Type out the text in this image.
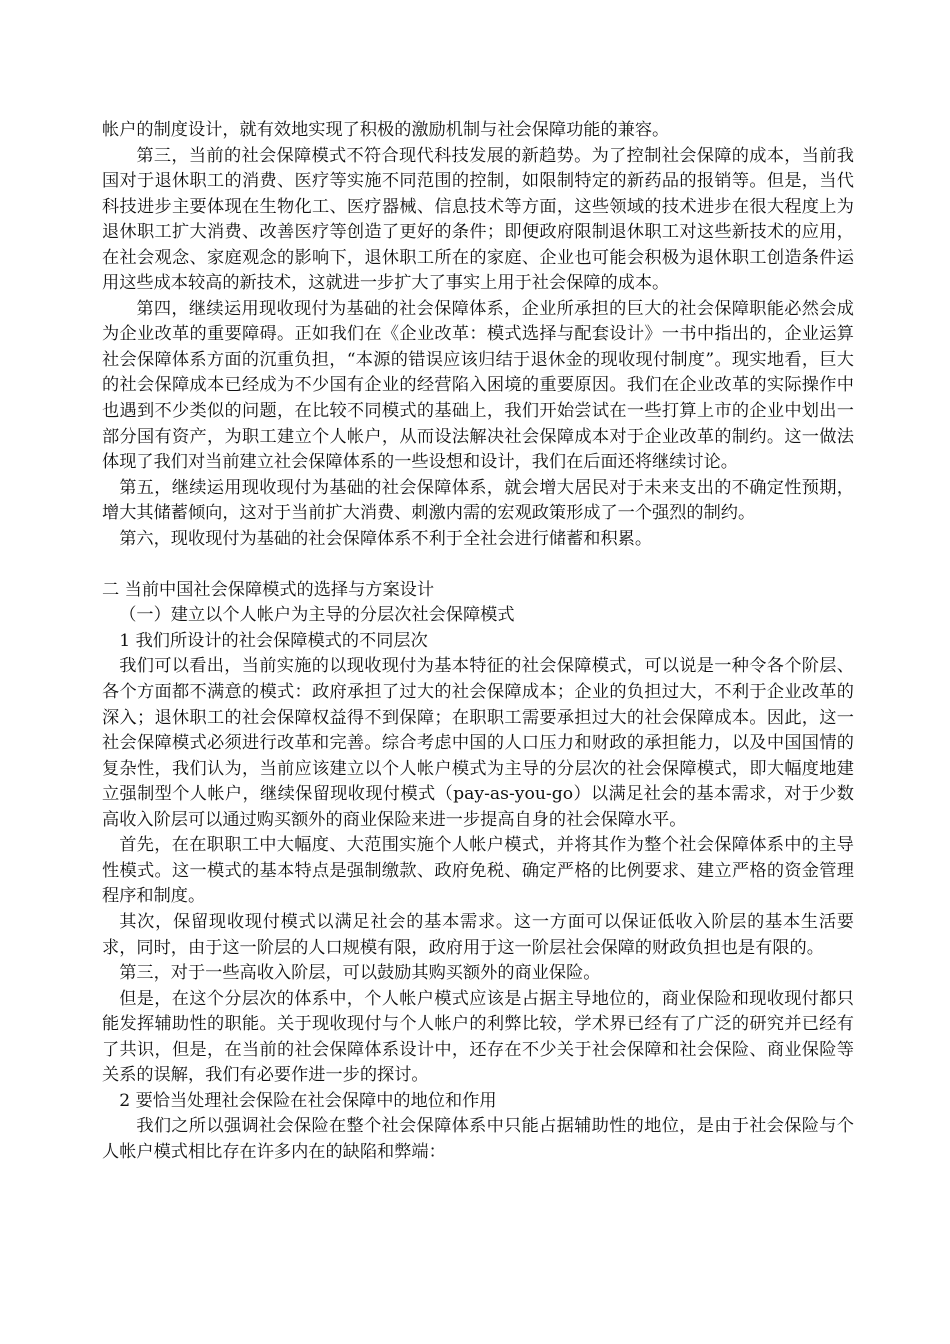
帐户的制度设计，就有效地实现了积极的激励机制与社会保障功能的兼容。

第三，当前的社会保障模式不符合现代科技发展的新趋势。为了控制社会保障的成本，当前我国对于退休职工的消费、医疗等实施不同范围的控制，如限制特定的新药品的报销等。但是，当代科技进步主要体现在生物化工、医疗器械、信息技术等方面，这些领域的技术进步在很大程度上为退休职工扩大消费、改善医疗等创造了更好的条件；即便政府限制退休职工对这些新技术的应用，在社会观念、家庭观念的影响下，退休职工所在的家庭、企业也可能会积极为退休职工创造条件运用这些成本较高的新技术，这就进一步扩大了事实上用于社会保障的成本。

第四，继续运用现收现付为基础的社会保障体系，企业所承担的巨大的社会保障职能必然会成为企业改革的重要障碍。正如我们在《企业改革：模式选择与配套设计》一书中指出的，企业运算社会保障体系方面的沉重负担，“本源的错误应该归结于退休金的现收现付制度”。现实地看，巨大的社会保障成本已经成为不少国有企业的经营陷入困境的重要原因。我们在企业改革的实际操作中也遇到不少类似的问题，在比较不同模式的基础上，我们开始尝试在一些打算上市的企业中划出一部分国有资产，为职工建立个人帐户，从而设法解决社会保障成本对于企业改革的制约。这一做法体现了我们对当前建立社会保障体系的一些设想和设计，我们在后面还将继续讨论。

第五，继续运用现收现付为基础的社会保障体系，就会增大居民对于未来支出的不确定性预期，增大其储蓄倾向，这对于当前扩大消费、刺激内需的宏观政策形成了一个强烈的制约。

第六，现收现付为基础的社会保障体系不利于全社会进行储蓄和积累。

二 当前中国社会保障模式的选择与方案设计

（一）建立以个人帐户为主导的分层次社会保障模式

1 我们所设计的社会保障模式的不同层次

我们可以看出，当前实施的以现收现付为基本特征的社会保障模式，可以说是一种令各个阶层、各个方面都不满意的模式：政府承担了过大的社会保障成本；企业的负担过大，不利于企业改革的深入；退休职工的社会保障权益得不到保障；在职职工需要承担过大的社会保障成本。因此，这一社会保障模式必须进行改革和完善。综合考虑中国的人口压力和财政的承担能力，以及中国国情的复杂性，我们认为，当前应该建立以个人帐户模式为主导的分层次的社会保障模式，即大幅度地建立强制型个人帐户，继续保留现收现付模式（pay-as-you-go）以满足社会的基本需求，对于少数高收入阶层可以通过购买额外的商业保险来进一步提高自身的社会保障水平。

首先，在在职职工中大幅度、大范围实施个人帐户模式，并将其作为整个社会保障体系中的主导性模式。这一模式的基本特点是强制缴款、政府免税、确定严格的比例要求、建立严格的资金管理程序和制度。

其次，保留现收现付模式以满足社会的基本需求。这一方面可以保证低收入阶层的基本生活要求，同时，由于这一阶层的人口规模有限，政府用于这一阶层社会保障的财政负担也是有限的。

第三，对于一些高收入阶层，可以鼓励其购买额外的商业保险。

但是，在这个分层次的体系中，个人帐户模式应该是占据主导地位的，商业保险和现收现付都只能发挥辅助性的职能。关于现收现付与个人帐户的利弊比较，学术界已经有了广泛的研究并已经有了共识，但是，在当前的社会保障体系设计中，还存在不少关于社会保障和社会保险、商业保险等关系的误解，我们有必要作进一步的探讨。

2 要恰当处理社会保险在社会保障中的地位和作用

我们之所以强调社会保险在整个社会保障体系中只能占据辅助性的地位，是由于社会保险与个人帐户模式相比存在许多内在的缺陷和弊端：
